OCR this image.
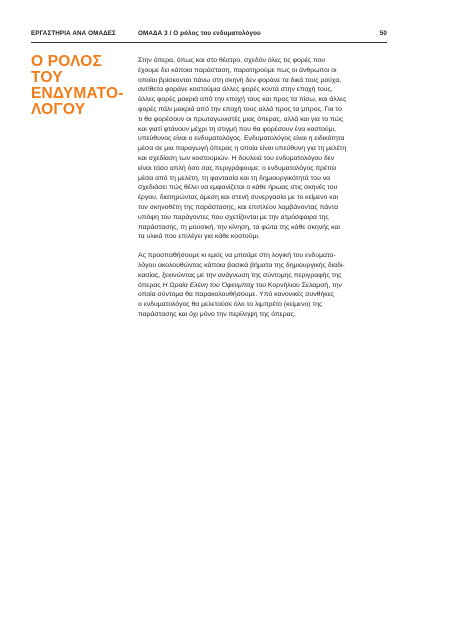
ΕΡΓΑΣΤΗΡΙΑ ΑΝΑ ΟΜΑΔΕΣ	ΟΜΑΔΑ 3 / Ο ρόλος του ενδυματολόγου	50
Ο ΡΟΛΟΣ
ΤΟΥ
ΕΝΔΥΜΑΤΟ-
ΛΟΓΟΥ

Στην όπερα, όπως και στο θέατρο, σχεδόν όλες τις φορές που
έχουμε δει κάποια παράσταση, παρατηρούμε πως οι άνθρωποι οι
οποίοι βρίσκονται πάνω στη σκηνή δεν φοράνε τα δικά τους ρούχα,
αντίθετα φοράνε κοστούμια άλλες φορές κοντά στην εποχή τους,
άλλες φορές μακριά από την εποχή τους και προς τα πίσω, και άλλες
φορές πάλι μακριά από την εποχή τους αλλά προς τα μπρος. Για το
τι θα φορέσουν οι πρωταγωνιστές μιας όπερας, αλλά και για το πώς
και γιατί φτάνουν μέχρι τη στιγμή που θα φορέσουν ένα κοστούμι,
υπεύθυνος είναι ο ενδυματολόγος. Ενδυματολόγος είναι η ειδικότητα
μέσα σε μια παραγωγή όπερας η οποία είναι υπεύθυνη για τη μελέτη
και σχεδίαση των κοστουμιών. Η δουλειά του ενδυματολόγου δεν
είναι τόσο απλή όσο σας περιγράφουμε: ο ενδυματολόγος πρέπει
μέσα από τη μελέτη, τη φαντασία και τη δημιουργικότητά του να
σχεδιάσει πώς θέλει να εμφανίζεται ο κάθε ήρωας στις σκηνές του
έργου, διατηρώντας άμεση και στενή συνεργασία με το κείμενο και
τον σκηνοθέτη της παράστασης, και επιπλέον λαμβάνοντας πάντα
υπόψη του παράγοντες που σχετίζονται με την ατμόσφαιρα της
παράστασης, τη μουσική, την κίνηση, τα φώτα της κάθε σκηνής και
τα υλικά που επιλέγει για κάθε κοστούμι.

Ας προσπαθήσουμε κι εμείς να μπούμε στη λογική του ενδυματο-
λόγου ακολουθώντας κάποια βασικά βήματα της δημιουργικής διαδι-
κασίας, ξεκινώντας με την ανάγνωση της σύντομης περιγραφής της
όπερας Η Ωραία Ελένη του Όφενμπαχ του Κορνήλιου Σελαμσή, την
οποία σύντομα θα παρακολουθήσουμε. Υπό κανονικές συνθήκες
ο ενδυματολόγος θα μελετούσε όλο το λιμπρέτο (κείμενο) της
παράστασης και όχι μόνο την περίληψη της όπερας.
